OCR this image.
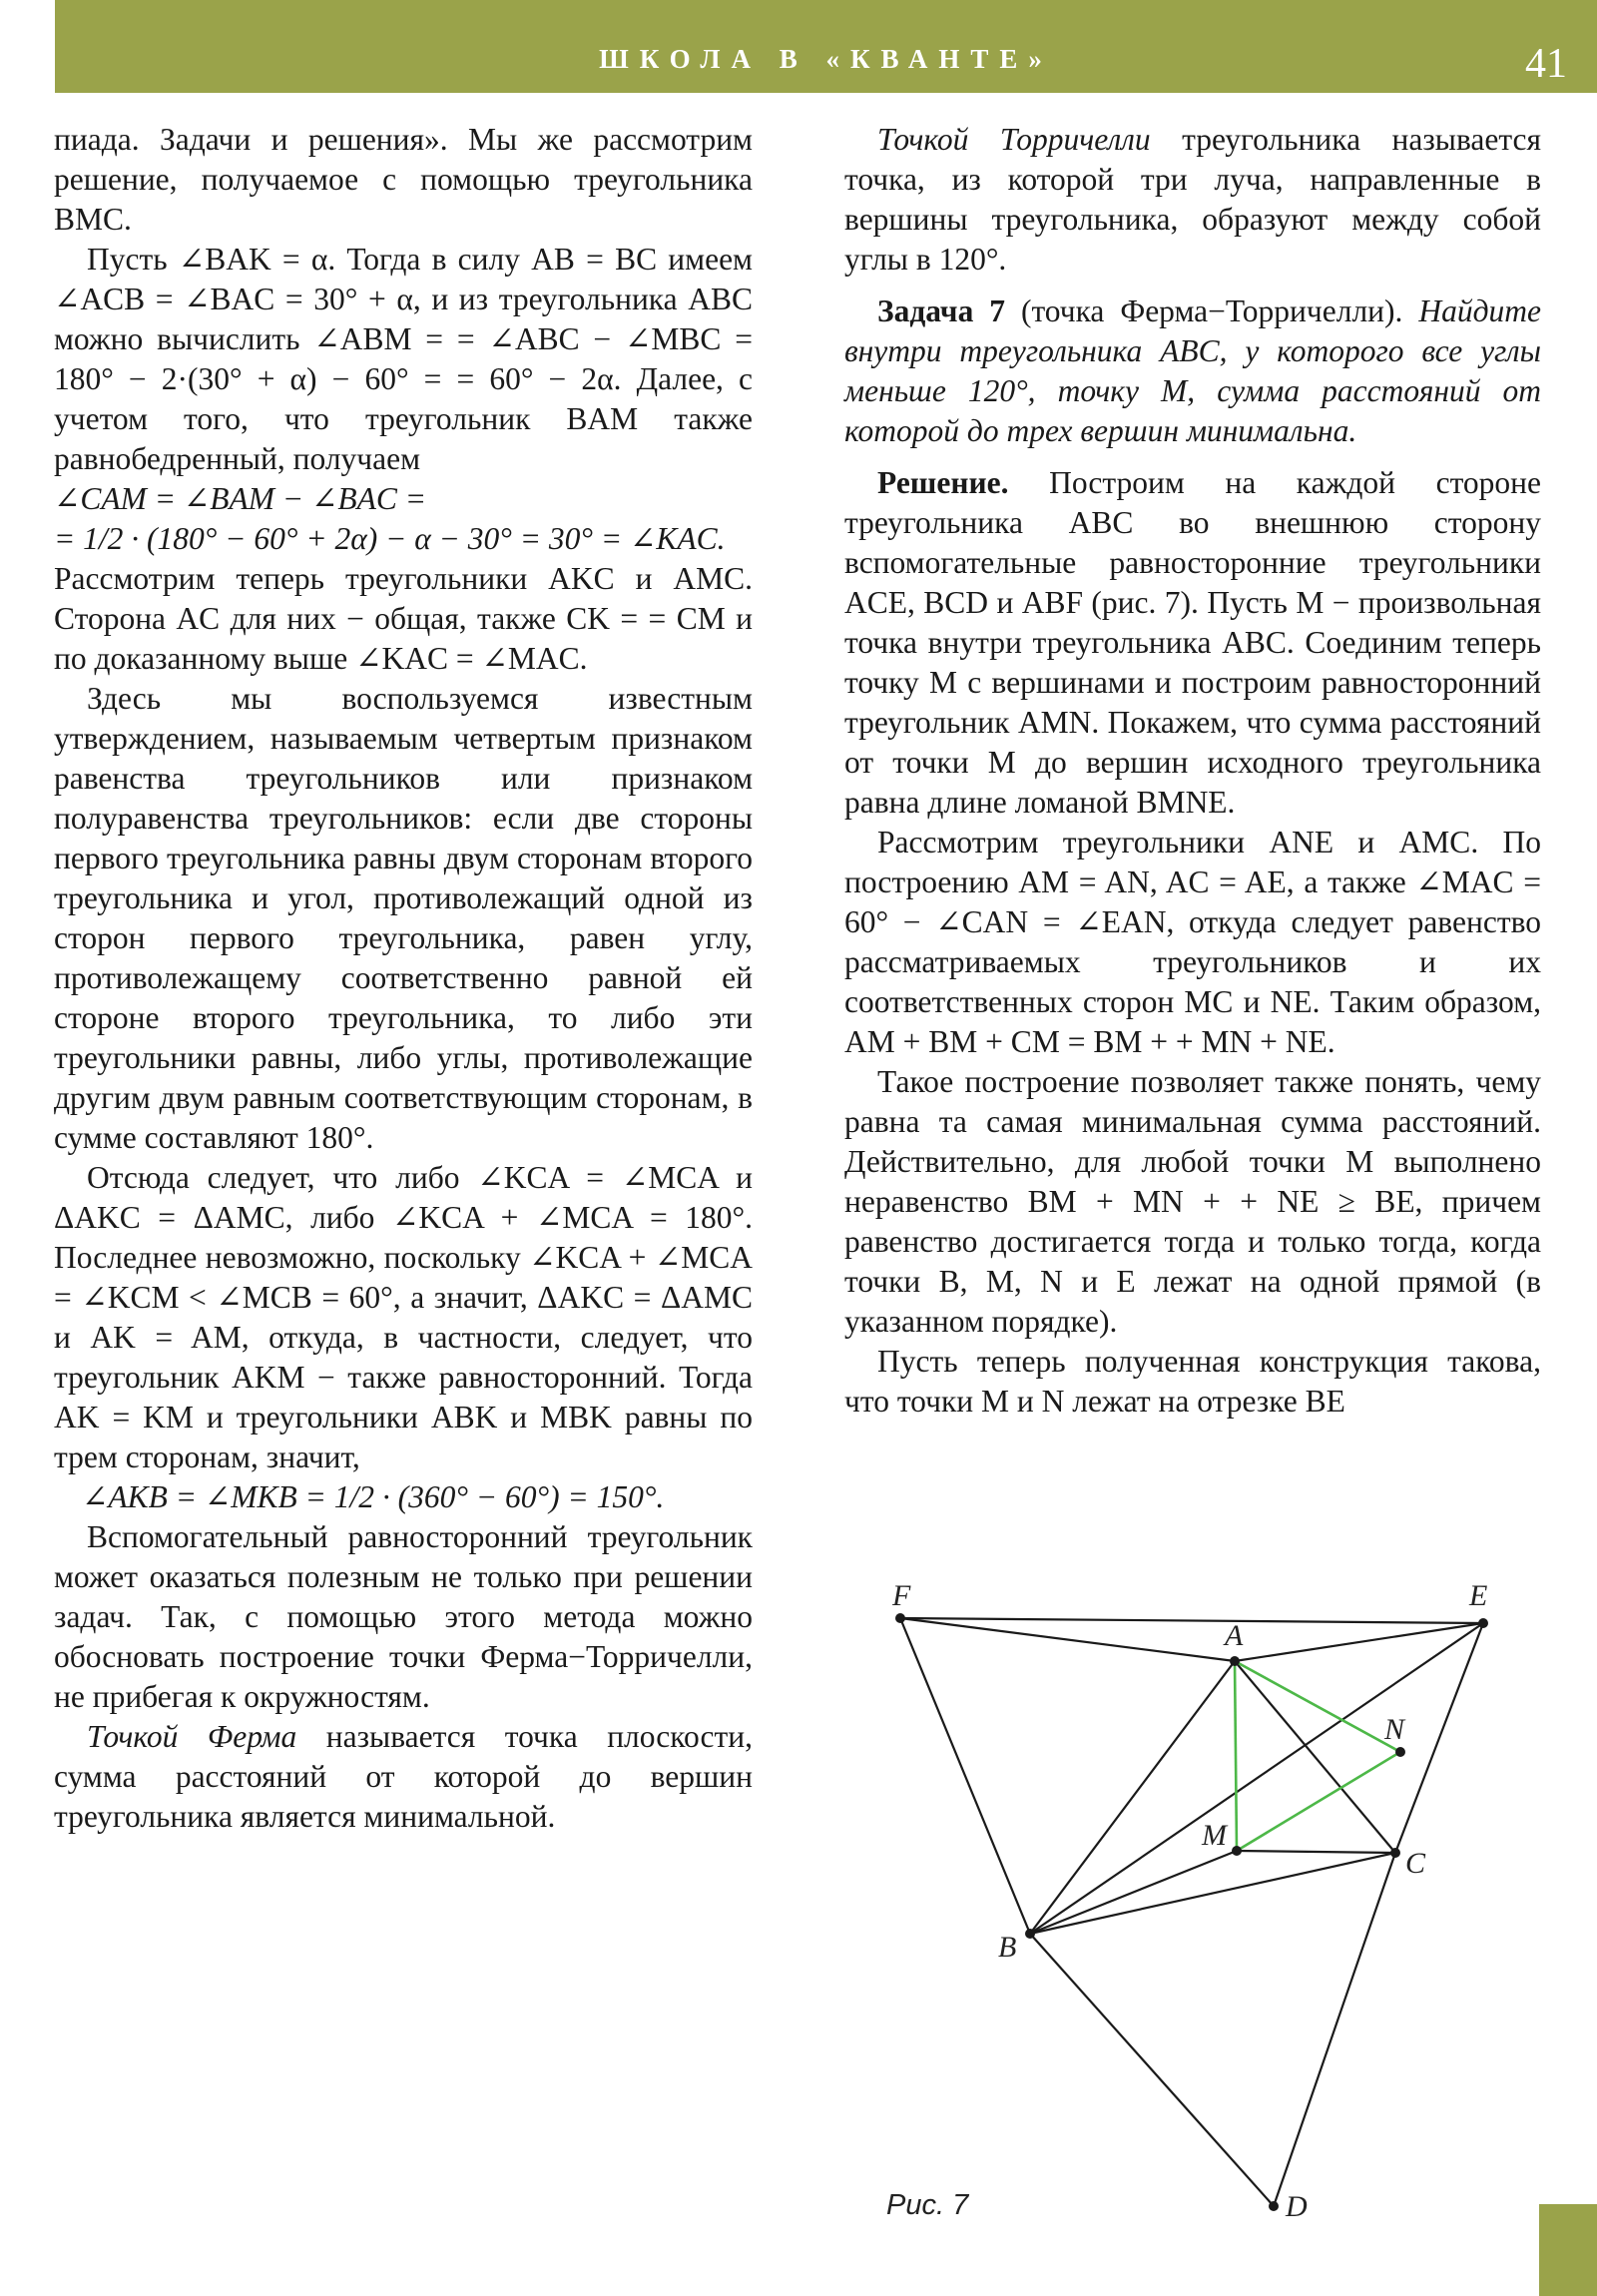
ШКОЛА В «КВАНТЕ»	41

пиада. Задачи и решения». Мы же рассмотрим решение, получаемое с помощью треугольника BMC.

Пусть ∠BAK = α. Тогда в силу AB = BC имеем ∠ACB = ∠BAC = 30° + α, и из треугольника ABC можно вычислить ∠ABM = = ∠ABC − ∠MBC = 180° − 2·(30° + α) − 60° = = 60° − 2α. Далее, с учетом того, что треугольник BAM также равнобедренный, получаем

∠CAM = ∠BAM − ∠BAC =

= 1/2 · (180° − 60° + 2α) − α − 30° = 30° = ∠KAC.

Рассмотрим теперь треугольники AKC и AMC. Сторона AC для них − общая, также CK = = CM и по доказанному выше ∠KAC = ∠MAC.

Здесь мы воспользуемся известным утверждением, называемым четвертым признаком равенства треугольников или признаком полуравенства треугольников: если две стороны первого треугольника равны двум сторонам второго треугольника и угол, противолежащий одной из сторон первого треугольника, равен углу, противолежащему соответственно равной ей стороне второго треугольника, то либо эти треугольники равны, либо углы, противолежащие другим двум равным соответствующим сторонам, в сумме составляют 180°.

Отсюда следует, что либо ∠KCA = ∠MCA и ΔAKC = ΔAMC, либо ∠KCA + ∠MCA = 180°. Последнее невозможно, поскольку ∠KCA + ∠MCA = ∠KCM < ∠MCB = 60°, а значит, ΔAKC = ΔAMC и AK = AM, откуда, в частности, следует, что треугольник AKM − также равносторонний. Тогда AK = KM и треугольники ABK и MBK равны по трем сторонам, значит,

∠AKB = ∠MKB = 1/2 · (360° − 60°) = 150°.

Вспомогательный равносторонний треугольник может оказаться полезным не только при решении задач. Так, с помощью этого метода можно обосновать построение точки Ферма−Торричелли, не прибегая к окружностям.

Точкой Ферма называется точка плоскости, сумма расстояний от которой до вершин треугольника является минимальной.

Точкой Торричелли треугольника называется точка, из которой три луча, направленные в вершины треугольника, образуют между собой углы в 120°.

Задача 7 (точка Ферма−Торричелли). Найдите внутри треугольника ABC, у которого все углы меньше 120°, точку M, сумма расстояний от которой до трех вершин минимальна.

Решение. Построим на каждой стороне треугольника ABC во внешнюю сторону вспомогательные равносторонние треугольники ACE, BCD и ABF (рис. 7). Пусть M − произвольная точка внутри треугольника ABC. Соединим теперь точку M с вершинами и построим равносторонний треугольник AMN. Покажем, что сумма расстояний от точки M до вершин исходного треугольника равна длине ломаной BMNE.

Рассмотрим треугольники ANE и AMC. По построению AM = AN, AC = AE, а также ∠MAC = 60° − ∠CAN = ∠EAN, откуда следует равенство рассматриваемых треугольников и их соответственных сторон MC и NE. Таким образом, AM + BM + CM = BM + + MN + NE.

Такое построение позволяет также понять, чему равна та самая минимальная сумма расстояний. Действительно, для любой точки M выполнено неравенство BM + MN + + NE ≥ BE, причем равенство достигается тогда и только тогда, когда точки B, M, N и E лежат на одной прямой (в указанном порядке).

Пусть теперь полученная конструкция такова, что точки M и N лежат на отрезке BE

F	E
A
N
M
C
B
D
Рис. 7
